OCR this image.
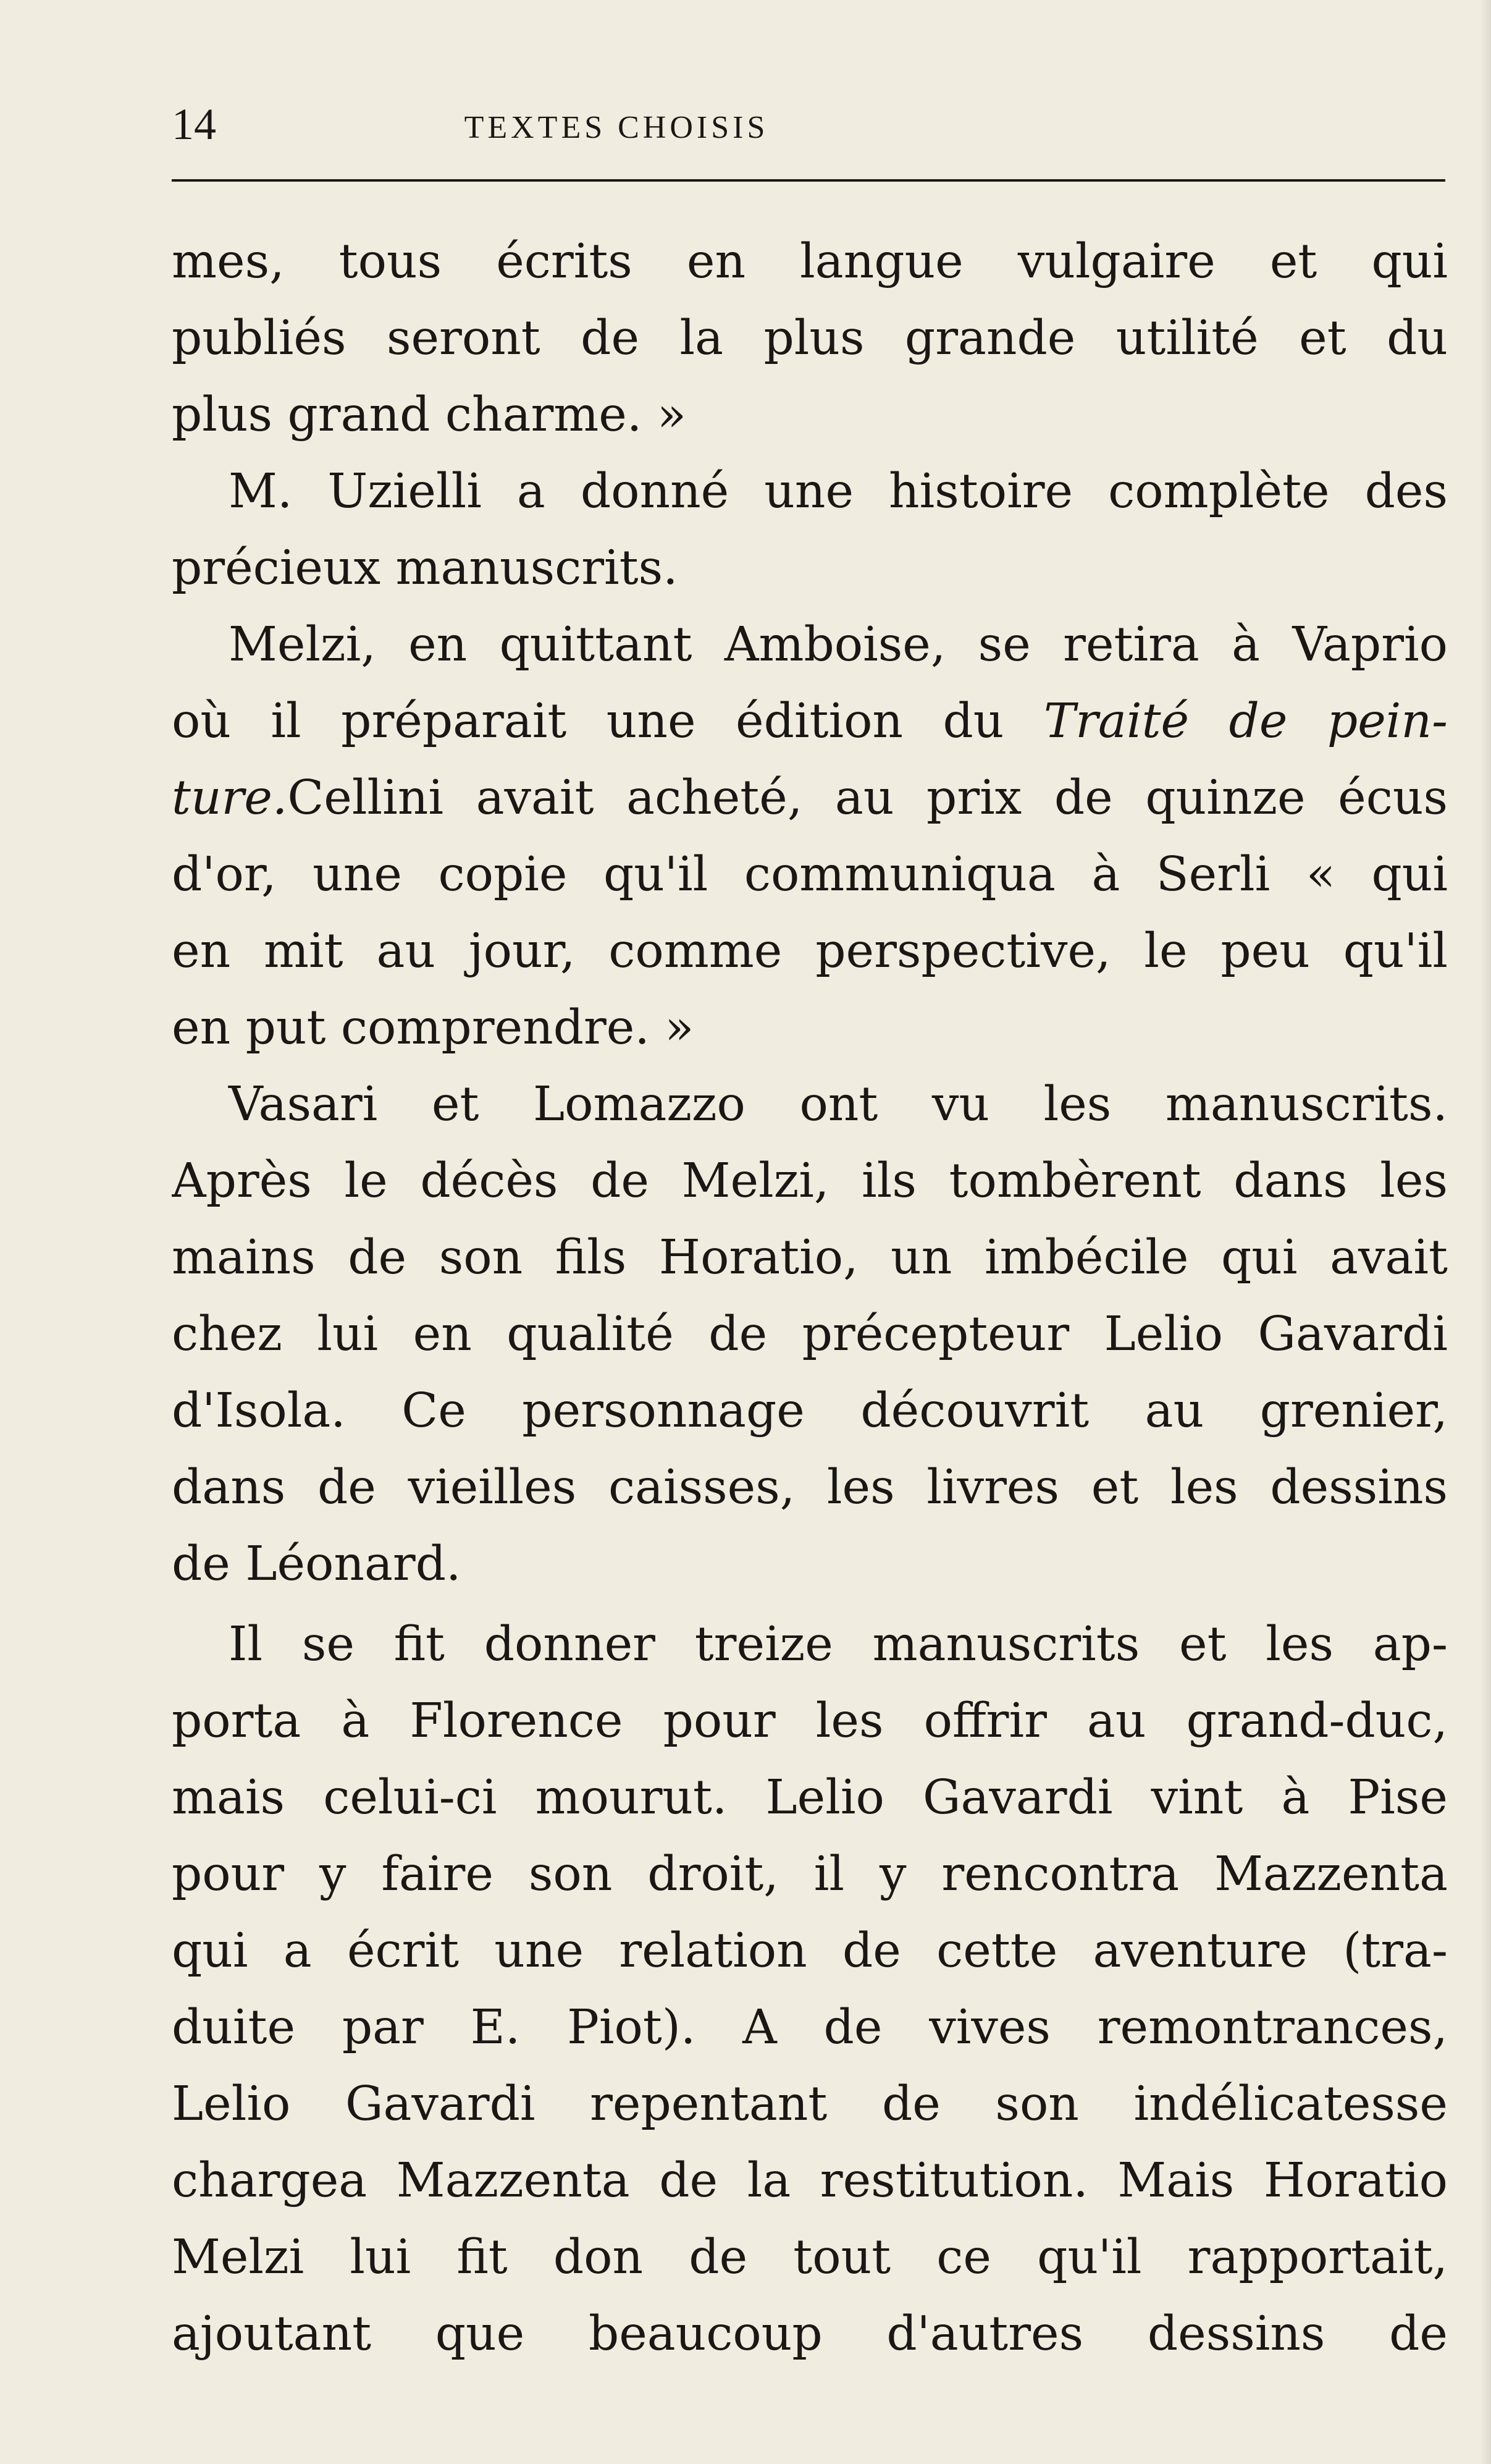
14	TEXTES CHOISIS
mes, tous écrits en langue vulgaire et qui
publiés seront de la plus grande utilité et du
plus grand charme. »
M. Uzielli a donné une histoire complète des
précieux manuscrits.
Melzi, en quittant Amboise, se retira à Vaprio
où il préparait une édition du Traité de pein-
ture.Cellini avait acheté, au prix de quinze écus
d'or, une copie qu'il communiqua à Serli « qui
en mit au jour, comme perspective, le peu qu'il
en put comprendre. »
Vasari et Lomazzo ont vu les manuscrits.
Après le décès de Melzi, ils tombèrent dans les
mains de son fils Horatio, un imbécile qui avait
chez lui en qualité de précepteur Lelio Gavardi
d'Isola. Ce personnage découvrit au grenier,
dans de vieilles caisses, les livres et les dessins
de Léonard.
Il se fit donner treize manuscrits et les ap-
porta à Florence pour les offrir au grand-duc,
mais celui-ci mourut. Lelio Gavardi vint à Pise
pour y faire son droit, il y rencontra Mazzenta
qui a écrit une relation de cette aventure (tra-
duite par E. Piot). A de vives remontrances,
Lelio Gavardi repentant de son indélicatesse
chargea Mazzenta de la restitution. Mais Horatio
Melzi lui fit don de tout ce qu'il rapportait,
ajoutant que beaucoup d'autres dessins de
